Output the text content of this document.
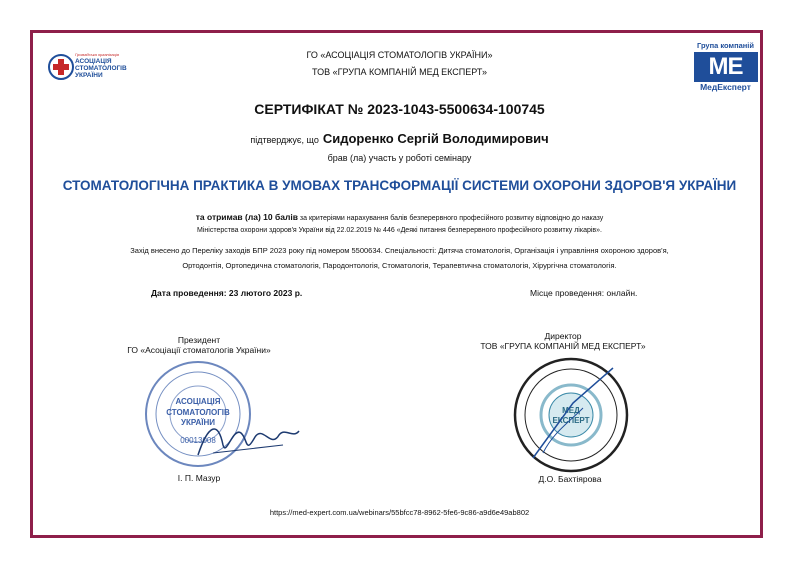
Громадська організація
АСОЦІАЦІЯ
СТОМАТОЛОГІВ
УКРАЇНИ
Група компаній
МЕ
МедЕксперт
ГО «АСОЦІАЦІЯ СТОМАТОЛОГІВ УКРАЇНИ»
ТОВ «ГРУПА КОМПАНІЙ МЕД ЕКСПЕРТ»
СЕРТИФІКАТ № 2023-1043-5500634-100745
підтверджує, що Сидоренко Сергій Володимирович
брав (ла) участь у роботі семінару
СТОМАТОЛОГІЧНА ПРАКТИКА В УМОВАХ ТРАНСФОРМАЦІЇ СИСТЕМИ ОХОРОНИ ЗДОРОВ'Я УКРАЇНИ
та отримав (ла) 10 балів за критеріями нарахування балів безперервного професійного розвитку відповідно до наказу
Міністерства охорони здоров'я України від 22.02.2019 № 446 «Деякі питання безперервного професійного розвитку лікарів».
Захід внесено до Переліку заходів БПР 2023 року під номером 5500634. Спеціальності: Дитяча стоматологія, Організація і управління охороною здоров'я,
Ортодонтія, Ортопедична стоматологія, Пародонтологія, Стоматологія, Терапевтична стоматологія, Хірургічна стоматологія.
Дата проведення: 23 лютого 2023 р.	Місце проведення: онлайн.
Президент
ГО «Асоціації стоматологів України»
АСОЦІАЦІЯ
СТОМАТОЛОГІВ
УКРАЇНИ
00013008
І. П. Мазур
Директор
ТОВ «ГРУПА КОМПАНІЙ МЕД ЕКСПЕРТ»
МЕД
ЕКСПЕРТ
Д.О. Бахтіярова
https://med-expert.com.ua/webinars/55bfcc78-8962-5fe6-9c86-a9d6e49ab802
